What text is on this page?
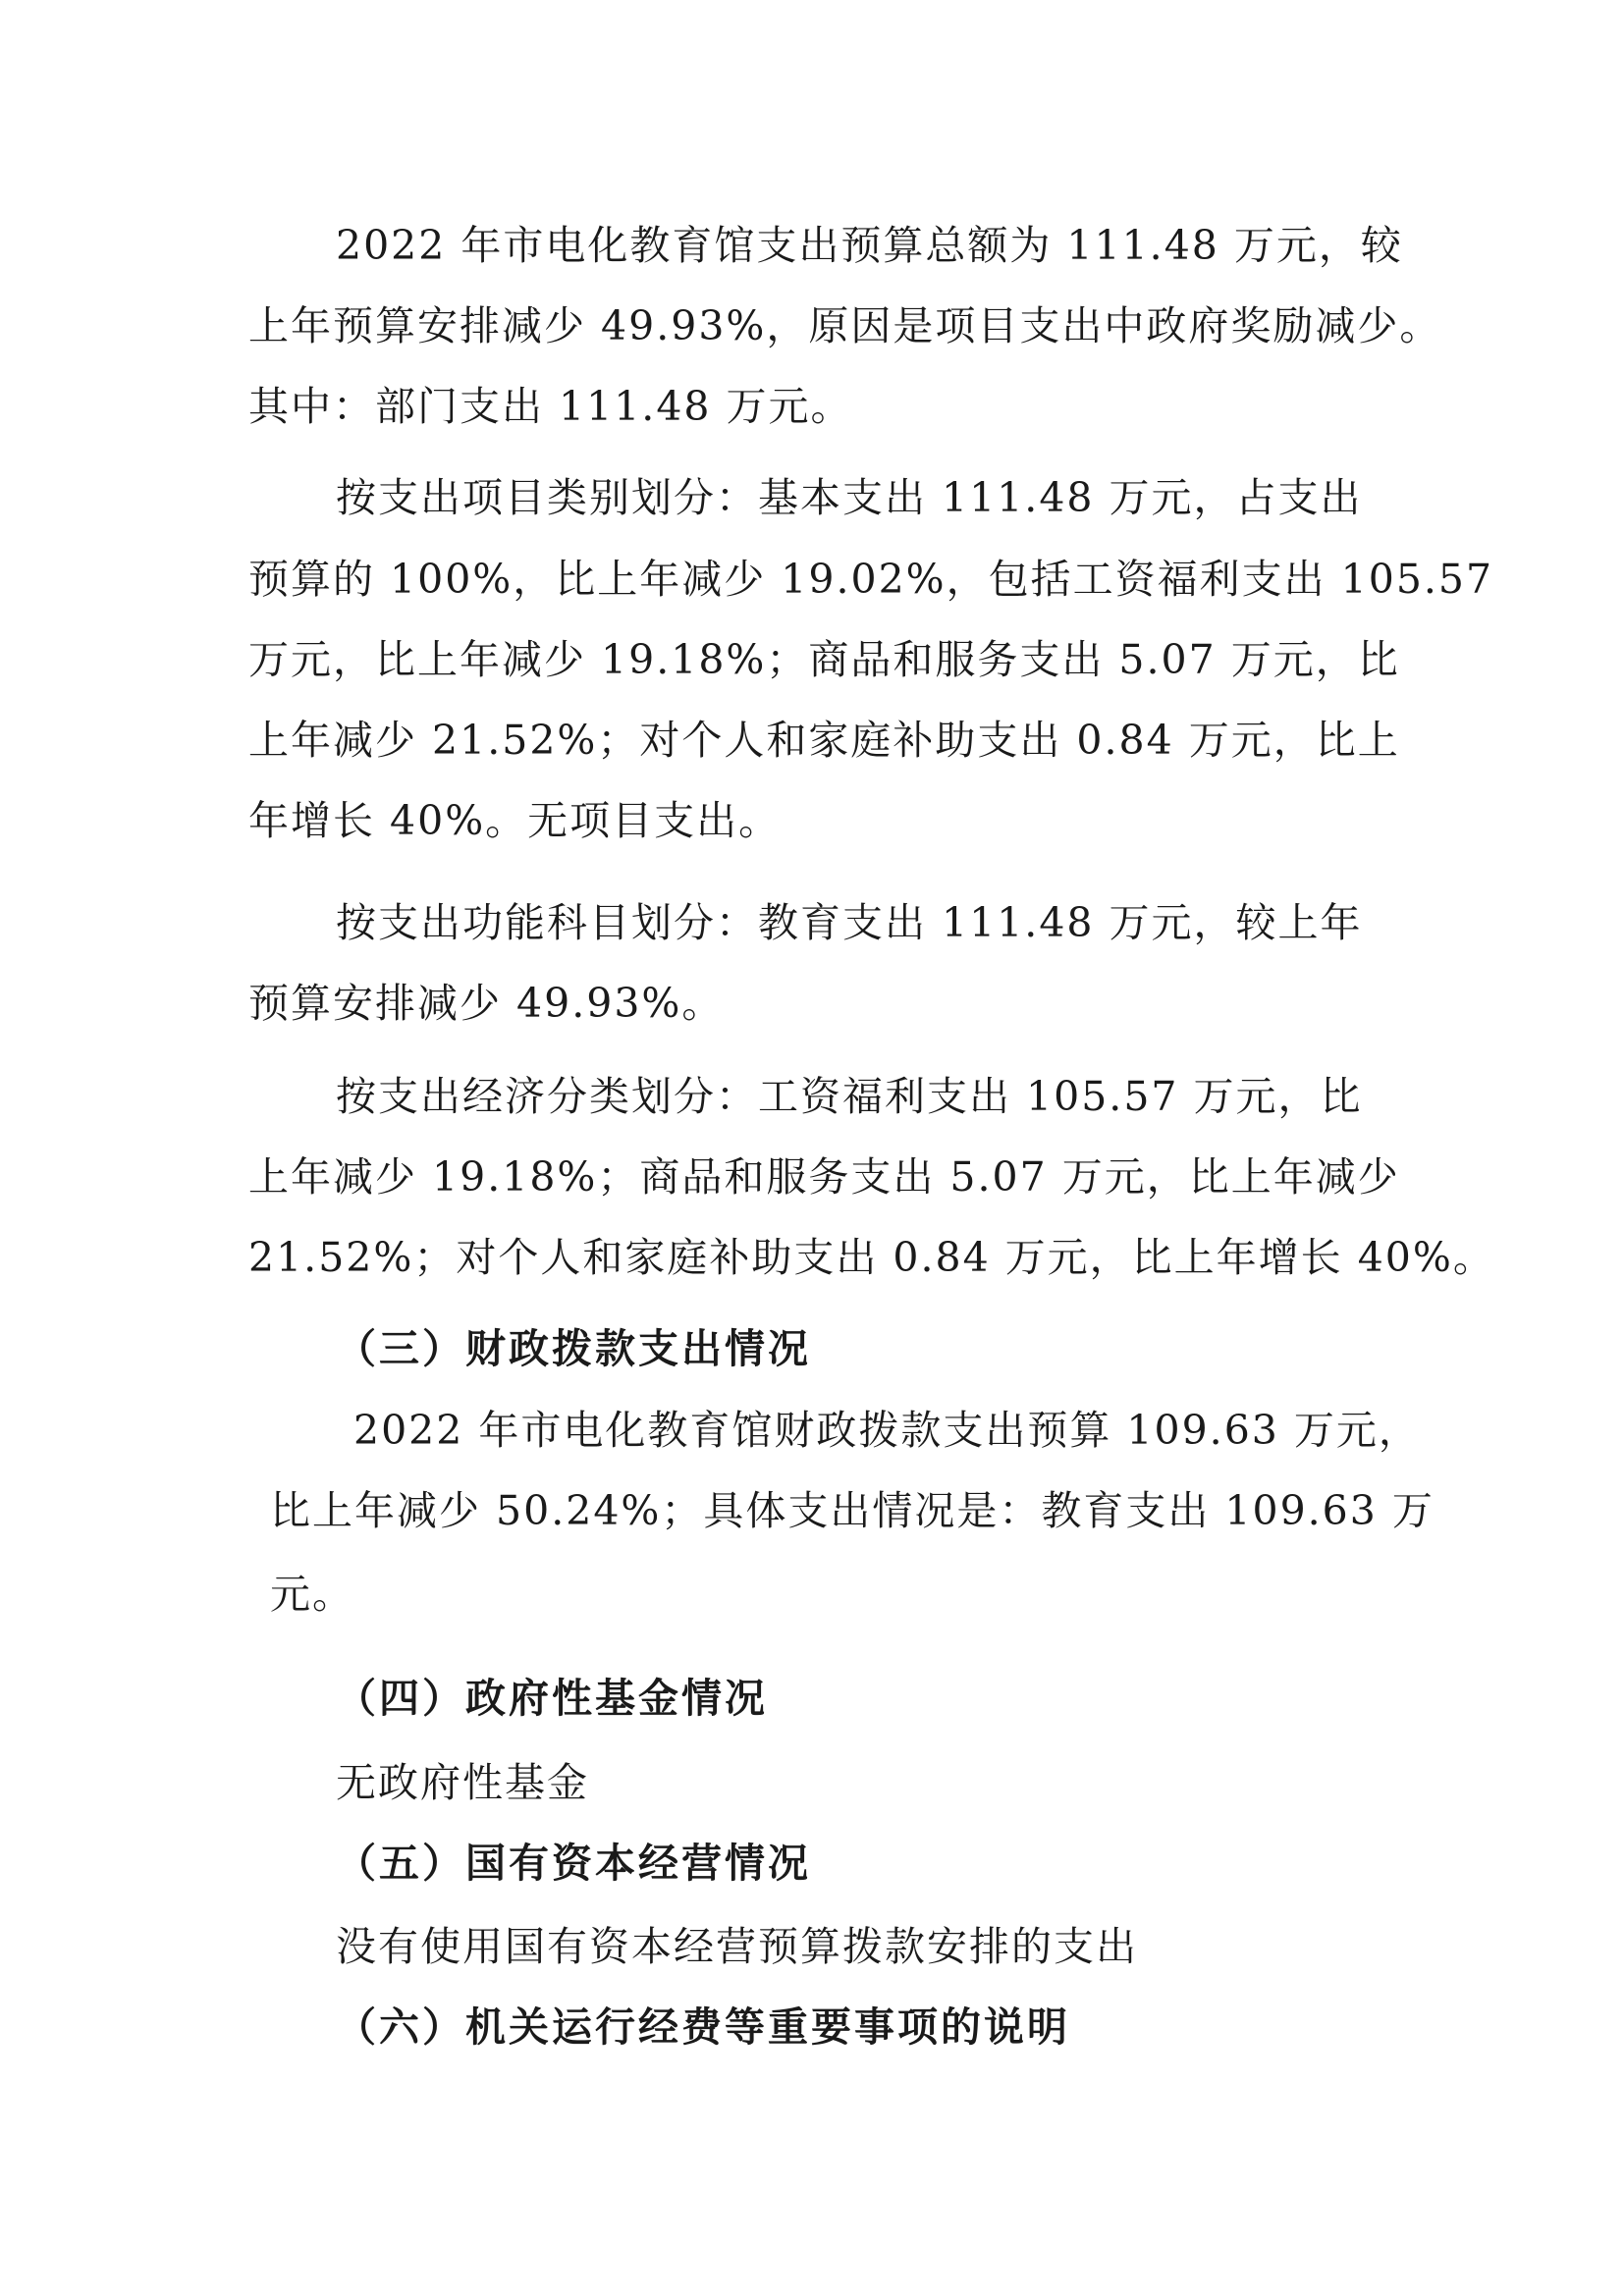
2022 年市电化教育馆支出预算总额为 111.48 万元，较
上年预算安排减少 49.93%，原因是项目支出中政府奖励减少。
其中：部门支出 111.48 万元。
按支出项目类别划分：基本支出 111.48 万元，占支出
预算的 100%，比上年减少 19.02%，包括工资福利支出 105.57
万元，比上年减少 19.18%；商品和服务支出 5.07 万元，比
上年减少 21.52%；对个人和家庭补助支出 0.84 万元，比上
年增长 40%。无项目支出。
按支出功能科目划分：教育支出 111.48 万元，较上年
预算安排减少 49.93%。
按支出经济分类划分：工资福利支出 105.57 万元，比
上年减少 19.18%；商品和服务支出 5.07 万元，比上年减少
21.52%；对个人和家庭补助支出 0.84 万元，比上年增长 40%。
（三）财政拨款支出情况
2022 年市电化教育馆财政拨款支出预算 109.63 万元，
比上年减少 50.24%；具体支出情况是：教育支出 109.63 万
元。
（四）政府性基金情况
无政府性基金
（五）国有资本经营情况
没有使用国有资本经营预算拨款安排的支出
（六）机关运行经费等重要事项的说明
